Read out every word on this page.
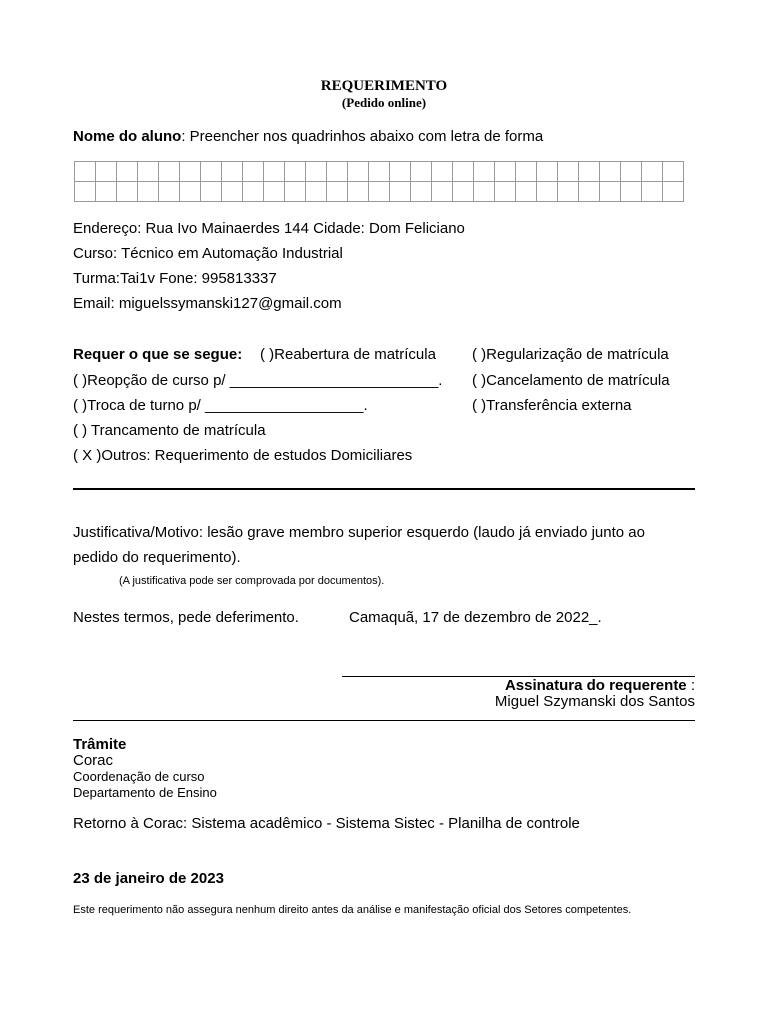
REQUERIMENTO
(Pedido online)
Nome do aluno: Preencher nos quadrinhos abaixo com letra de forma

Endereço: Rua Ivo Mainaerdes 144 Cidade: Dom Feliciano
Curso: Técnico em Automação Industrial
Turma:Tai1v Fone: 995813337
Email: miguelssymanski127@gmail.com
Requer o que se segue: ( )Reabertura de matrícula ( )Regularização de matrícula
( )Reopção de curso p/ _________________________. ( )Cancelamento de matrícula
( )Troca de turno p/ ___________________.	( )Transferência externa
( ) Trancamento de matrícula
( X )Outros: Requerimento de estudos Domiciliares
Justificativa/Motivo: lesão grave membro superior esquerdo (laudo já enviado junto ao
pedido do requerimento).
(A justificativa pode ser comprovada por documentos).
Nestes termos, pede deferimento.	Camaquã, 17 de dezembro de 2022_.
Assinatura do requerente :
Miguel Szymanski dos Santos
Trâmite
Corac
Coordenação de curso
Departamento de Ensino
Retorno à Corac: Sistema acadêmico - Sistema Sistec - Planilha de controle
23 de janeiro de 2023
Este requerimento não assegura nenhum direito antes da análise e manifestação oficial dos Setores competentes.
